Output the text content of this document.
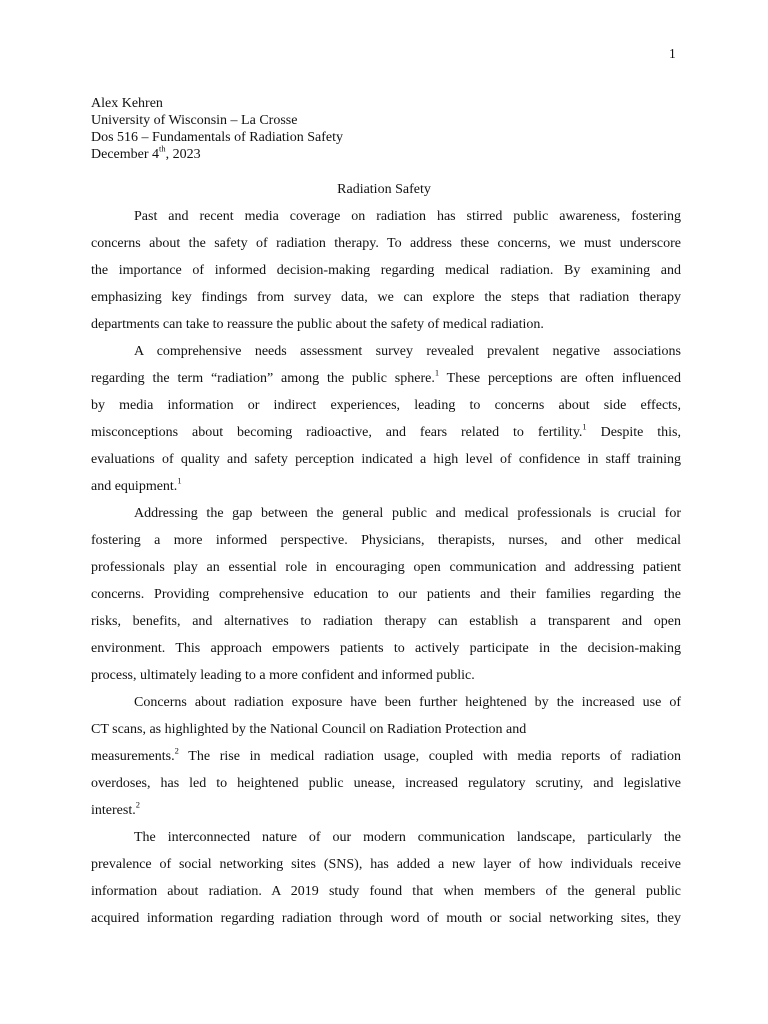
1
Alex Kehren
University of Wisconsin – La Crosse
Dos 516 – Fundamentals of Radiation Safety
December 4th, 2023
Radiation Safety
Past and recent media coverage on radiation has stirred public awareness, fostering
concerns about the safety of radiation therapy. To address these concerns, we must underscore
the importance of informed decision-making regarding medical radiation. By examining and
emphasizing key findings from survey data, we can explore the steps that radiation therapy
departments can take to reassure the public about the safety of medical radiation.
A comprehensive needs assessment survey revealed prevalent negative associations
regarding the term “radiation” among the public sphere.$^1$ These perceptions are often influenced
by media information or indirect experiences, leading to concerns about side effects,
misconceptions about becoming radioactive, and fears related to fertility.$^1$ Despite this,
evaluations of quality and safety perception indicated a high level of confidence in staff training
and equipment.$^1$
Addressing the gap between the general public and medical professionals is crucial for
fostering a more informed perspective. Physicians, therapists, nurses, and other medical
professionals play an essential role in encouraging open communication and addressing patient
concerns. Providing comprehensive education to our patients and their families regarding the
risks, benefits, and alternatives to radiation therapy can establish a transparent and open
environment. This approach empowers patients to actively participate in the decision-making
process, ultimately leading to a more confident and informed public.
Concerns about radiation exposure have been further heightened by the increased use of
CT scans, as highlighted by the National Council on Radiation Protection and
measurements.$^2$ The rise in medical radiation usage, coupled with media reports of radiation
overdoses, has led to heightened public unease, increased regulatory scrutiny, and legislative
interest.$^2$
The interconnected nature of our modern communication landscape, particularly the
prevalence of social networking sites (SNS), has added a new layer of how individuals receive
information about radiation. A 2019 study found that when members of the general public
acquired information regarding radiation through word of mouth or social networking sites, they
